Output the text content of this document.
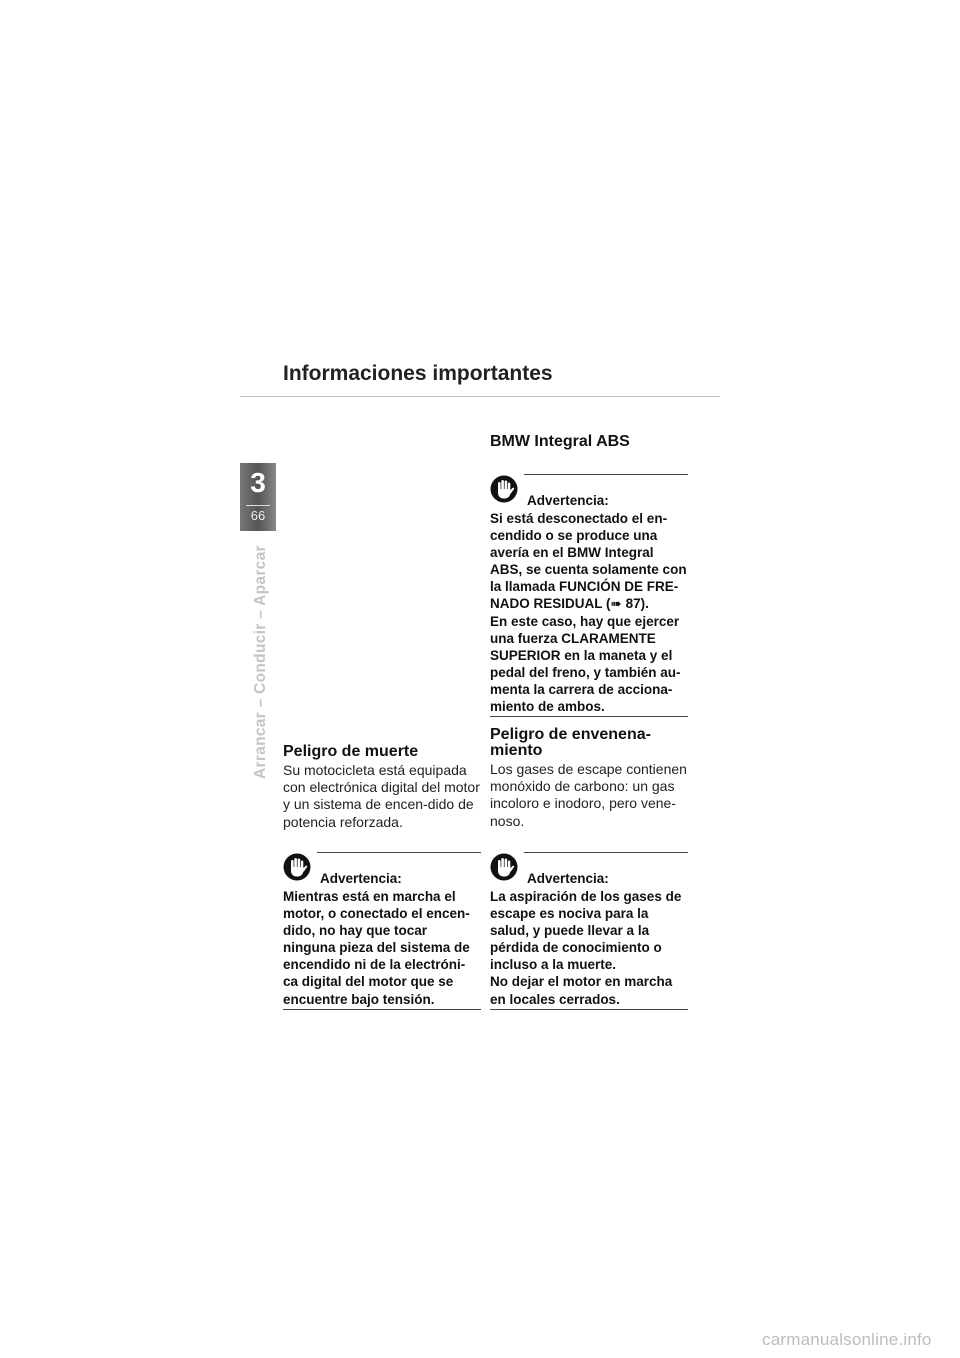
Informaciones importantes
3
66
Arrancar – Conducir – Aparcar Peligro de muerte

Su motocicleta está equipada con electrónica digital del motor y un sistema de encen-dido de potencia reforzada.

Advertencia:

Mientras está en marcha el
motor, o conectado el encen-
dido, no hay que tocar
ninguna pieza del sistema de
encendido ni de la electróni-
ca digital del motor que se
encuentre bajo tensión.

BMW Integral ABS
Advertencia:

Si está desconectado el en-
cendido o se produce una
avería en el BMW Integral
ABS, se cuenta solamente con
la llamada FUNCIÓN DE FRE-
NADO RESIDUAL (➠ 87).
En este caso, hay que ejercer
una fuerza CLARAMENTE
SUPERIOR en la maneta y el
pedal del freno, y también au-
menta la carrera de acciona-
miento de ambos.

Peligro de envenena-
miento

Los gases de escape contienen monóxido de carbono: un gas incoloro e inodoro, pero vene-noso.

Advertencia:

La aspiración de los gases de
escape es nociva para la
salud, y puede llevar a la
pérdida de conocimiento o
incluso a la muerte.
No dejar el motor en marcha
en locales cerrados.

carmanualsonline.info
